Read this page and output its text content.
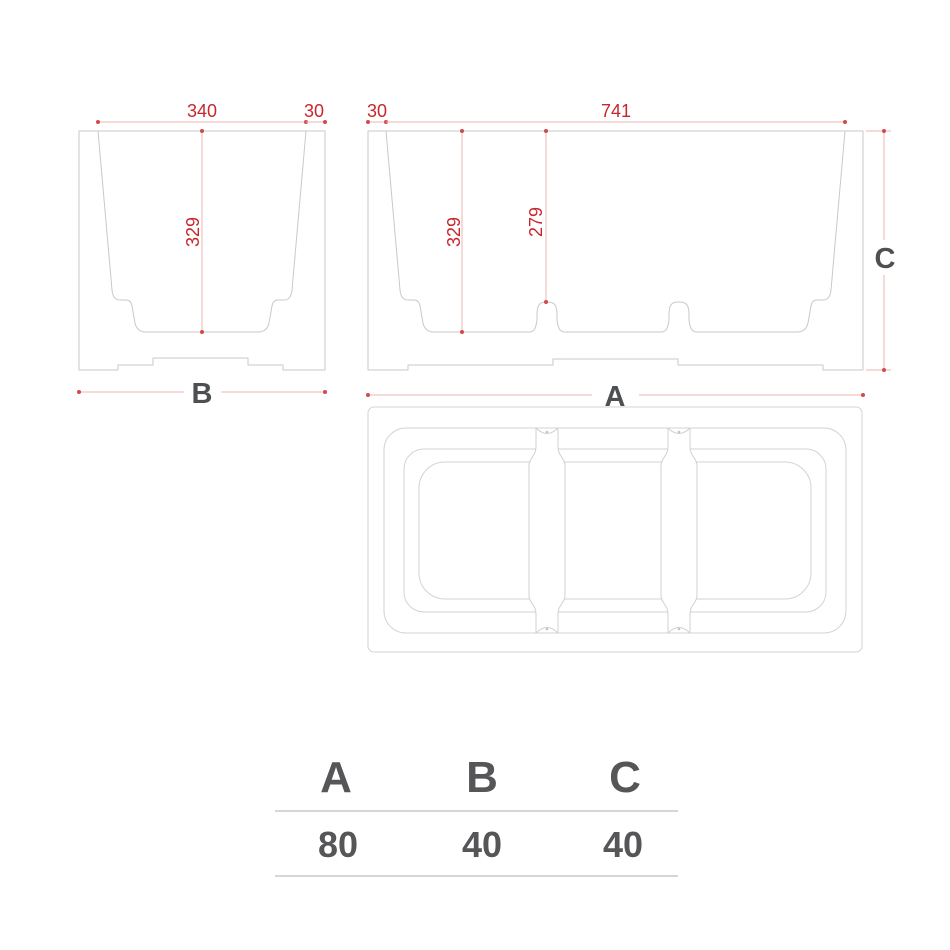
340	30
329
B
30	741
329	279
C
A
A	B	C
80	40	40
